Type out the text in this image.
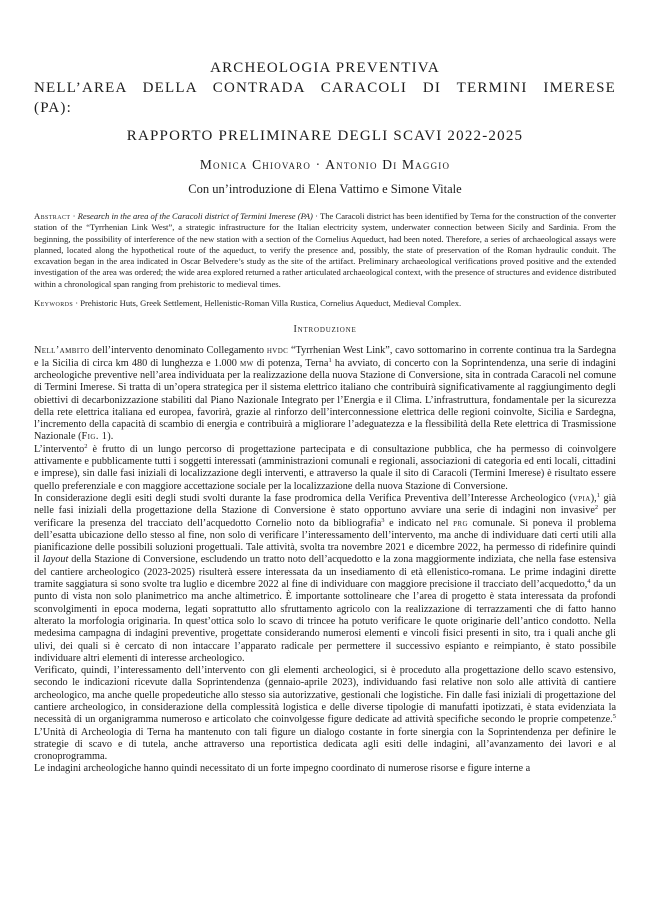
ARCHEOLOGIA PREVENTIVA

NELL’AREA DELLA CONTRADA CARACOLI DI TERMINI IMERESE

(PA):

RAPPORTO PRELIMINARE DEGLI SCAVI 2022-2025

Monica Chiovaro · Antonio Di Maggio

Con un’introduzione di Elena Vattimo e Simone Vitale

Abstract · Research in the area of the Caracoli district of Termini Imerese (PA) · The Caracoli district has been identified by Terna for the construction of the converter station of the “Tyrrhenian Link West”, a strategic infrastructure for the Italian electricity system, underwater connection between Sicily and Sardinia. From the beginning, the possibility of interference of the new station with a section of the Cornelius Aqueduct, had been noted. Therefore, a series of archaeological assays were planned, located along the hypothetical route of the aqueduct, to verify the presence and, possibly, the state of preservation of the Roman hydraulic conduit. The excavation began in the area indicated in Oscar Belvedere’s study as the site of the artifact. Preliminary archaeological verifications proved positive and the extended investigation of the area was ordered; the wide area explored returned a rather articulated archaeological context, with the presence of structures and evidence distributed within a chronological span ranging from prehistoric to medieval times.

Keywords · Prehistoric Huts, Greek Settlement, Hellenistic-Roman Villa Rustica, Cornelius Aqueduct, Medieval Complex.

Introduzione

Nell’ambito dell’intervento denominato Collegamento hvdc “Tyrrhenian West Link”, cavo sottomarino in corrente continua tra la Sardegna e la Sicilia di circa km 480 di lunghezza e 1.000 mw di potenza, Terna$^1$ ha avviato, di concerto con la Soprintendenza, una serie di indagini archeologiche preventive nell’area individuata per la realizzazione della nuova Stazione di Conversione, sita in contrada Caracoli nel comune di Termini Imerese. Si tratta di un’opera strategica per il sistema elettrico italiano che contribuirà significativamente al raggiungimento degli obiettivi di decarbonizzazione stabiliti dal Piano Nazionale Integrato per l’Energia e il Clima. L’infrastruttura, fondamentale per la sicurezza della rete elettrica italiana ed europea, favorirà, grazie al rinforzo dell’interconnessione elettrica delle regioni coinvolte, Sicilia e Sardegna, l’incremento della capacità di scambio di energia e contribuirà a migliorare l’adeguatezza e la flessibilità della Rete elettrica di Trasmissione Nazionale (Fig. 1).

L’intervento$^2$ è frutto di un lungo percorso di progettazione partecipata e di consultazione pubblica, che ha permesso di coinvolgere attivamente e pubblicamente tutti i soggetti interessati (amministrazioni comunali e regionali, associazioni di categoria ed enti locali, cittadini e imprese), sin dalle fasi iniziali di localizzazione degli interventi, e attraverso la quale il sito di Caracoli (Termini Imerese) è risultato essere quello preferenziale e con maggiore accettazione sociale per la localizzazione della nuova Stazione di Conversione.

In considerazione degli esiti degli studi svolti durante la fase prodromica della Verifica Preventiva dell’Interesse Archeologico (vpia),$^1$ già nelle fasi iniziali della progettazione della Stazione di Conversione è stato opportuno avviare una serie di indagini non invasive$^2$ per verificare la presenza del tracciato dell’acquedotto Cornelio noto da bibliografia$^3$ e indicato nel prg comunale. Si poneva il problema dell’esatta ubicazione dello stesso al fine, non solo di verificare l’interessamento dell’intervento, ma anche di individuare dati certi utili alla pianificazione delle possibili soluzioni progettuali. Tale attività, svolta tra novembre 2021 e dicembre 2022, ha permesso di ridefinire quindi il layout della Stazione di Conversione, escludendo un tratto noto dell’acquedotto e la zona maggiormente indiziata, che nella fase estensiva del cantiere archeologico (2023-2025) risulterà essere interessata da un insediamento di età ellenistico-romana. Le prime indagini dirette tramite saggiatura si sono svolte tra luglio e dicembre 2022 al fine di individuare con maggiore precisione il tracciato dell’acquedotto,$^4$ da un punto di vista non solo planimetrico ma anche altimetrico. È importante sottolineare che l’area di progetto è stata interessata da profondi sconvolgimenti in epoca moderna, legati soprattutto allo sfruttamento agricolo con la realizzazione di terrazzamenti che di fatto hanno alterato la morfologia originaria. In quest’ottica solo lo scavo di trincee ha potuto verificare le quote originarie dell’antico condotto. Nella medesima campagna di indagini preventive, progettate considerando numerosi elementi e vincoli fisici presenti in sito, tra i quali anche gli ulivi, dei quali si è cercato di non intaccare l’apparato radicale per permettere il successivo espianto e reimpianto, è stato possibile individuare altri elementi di interesse archeologico.

Verificato, quindi, l’interessamento dell’intervento con gli elementi archeologici, si è proceduto alla progettazione dello scavo estensivo, secondo le indicazioni ricevute dalla Soprintendenza (gennaio-aprile 2023), individuando fasi relative non solo alle attività di cantiere archeologico, ma anche quelle propedeutiche allo stesso sia autorizzative, gestionali che logistiche. Fin dalle fasi iniziali di progettazione del cantiere archeologico, in considerazione della complessità logistica e delle diverse tipologie di manufatti ipotizzati, è stata evidenziata la necessità di un organigramma numeroso e articolato che coinvolgesse figure dedicate ad attività specifiche secondo le proprie competenze.$^5$ L’Unità di Archeologia di Terna ha mantenuto con tali figure un dialogo costante in forte sinergia con la Soprintendenza per definire le strategie di scavo e di tutela, anche attraverso una reportistica dedicata agli esiti delle indagini, all’avanzamento dei lavori e al cronoprogramma.

Le indagini archeologiche hanno quindi necessitato di un forte impegno coordinato di numerose risorse e figure interne a
